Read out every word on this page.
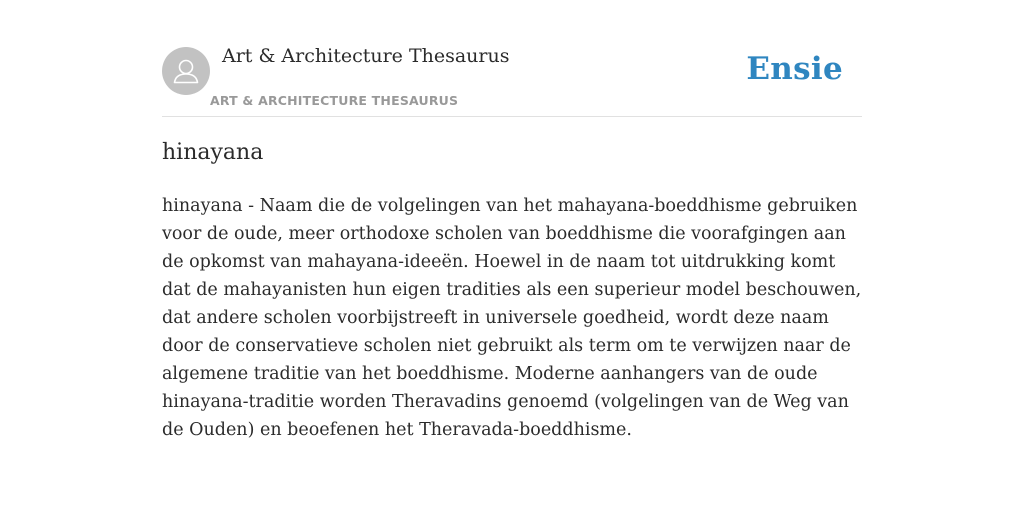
Art & Architecture Thesaurus
ART & ARCHITECTURE THESAURUS
Ensie
hinayana

hinayana - Naam die de volgelingen van het mahayana-boeddhisme gebruiken voor de oude, meer orthodoxe scholen van boeddhisme die voorafgingen aan de opkomst van mahayana-ideeën. Hoewel in de naam tot uitdrukking komt dat de mahayanisten hun eigen tradities als een superieur model beschouwen, dat andere scholen voorbijstreeft in universele goedheid, wordt deze naam door de conservatieve scholen niet gebruikt als term om te verwijzen naar de algemene traditie van het boeddhisme. Moderne aanhangers van de oude hinayana-traditie worden Theravadins genoemd (volgelingen van de Weg van de Ouden) en beoefenen het Theravada-boeddhisme.
